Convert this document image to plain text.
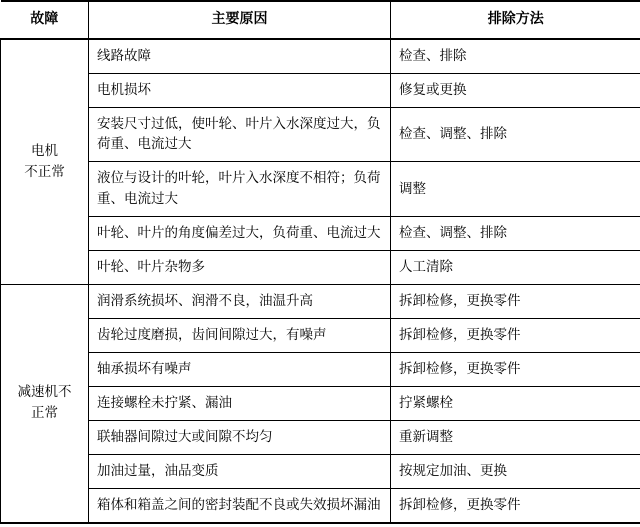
故障	主要原因	排除方法

电机
不正常	线路故障	检查、排除
	电机损坏	修复或更换
	安装尺寸过低，使叶轮、叶片入水深度过大，负荷重、电流过大	检查、调整、排除
	液位与设计的叶轮，叶片入水深度不相符；负荷重、电流过大	调整
	叶轮、叶片的角度偏差过大，负荷重、电流过大	检查、调整、排除
	叶轮、叶片杂物多	人工清除

减速机不
正常	润滑系统损坏、润滑不良，油温升高	拆卸检修，更换零件
	齿轮过度磨损，齿间间隙过大，有噪声	拆卸检修，更换零件
	轴承损坏有噪声	拆卸检修，更换零件
	连接螺栓未拧紧、漏油	拧紧螺栓
	联轴器间隙过大或间隙不均匀	重新调整
	加油过量，油品变质	按规定加油、更换
	箱体和箱盖之间的密封装配不良或失效损坏漏油	拆卸检修，更换零件
